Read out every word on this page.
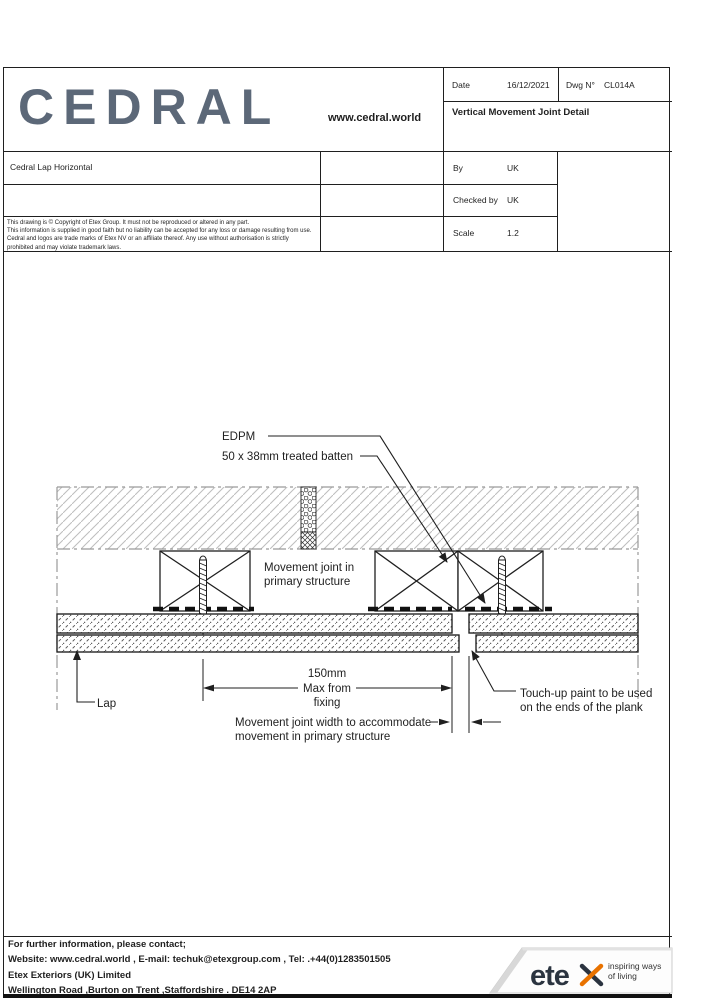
CEDRAL	www.cedral.world
Cedral Lap Horizontal
This drawing is © Copyright of Etex Group. It must not be reproduced or altered in any part.
This information is supplied in good faith but no liability can be accepted for any loss or damage resulting from use.
Cedral and logos are trade marks of Etex NV or an affiliate thereof. Any use without authorisation is strictly
prohibited and may violate trademark laws.
Date	16/12/2021 Dwg N° CL014A
Vertical Movement Joint Detail
By	UK
Checked by UK
Scale	1.2
For further information, please contact;
Website: www.cedral.world , E-mail: techuk@etexgroup.com , Tel: .+44(0)1283501505
Etex Exteriors (UK) Limited
Wellington Road ,Burton on Trent ,Staffordshire . DE14 2AP
EDPM
50 x 38mm treated batten
Movement joint in
primary structure
150mm
Max from
fixing
Movement joint width to accommodate
movement in primary structure
Touch-up paint to be used
on the ends of the plank
Lap
ete	inspiring ways
of living
